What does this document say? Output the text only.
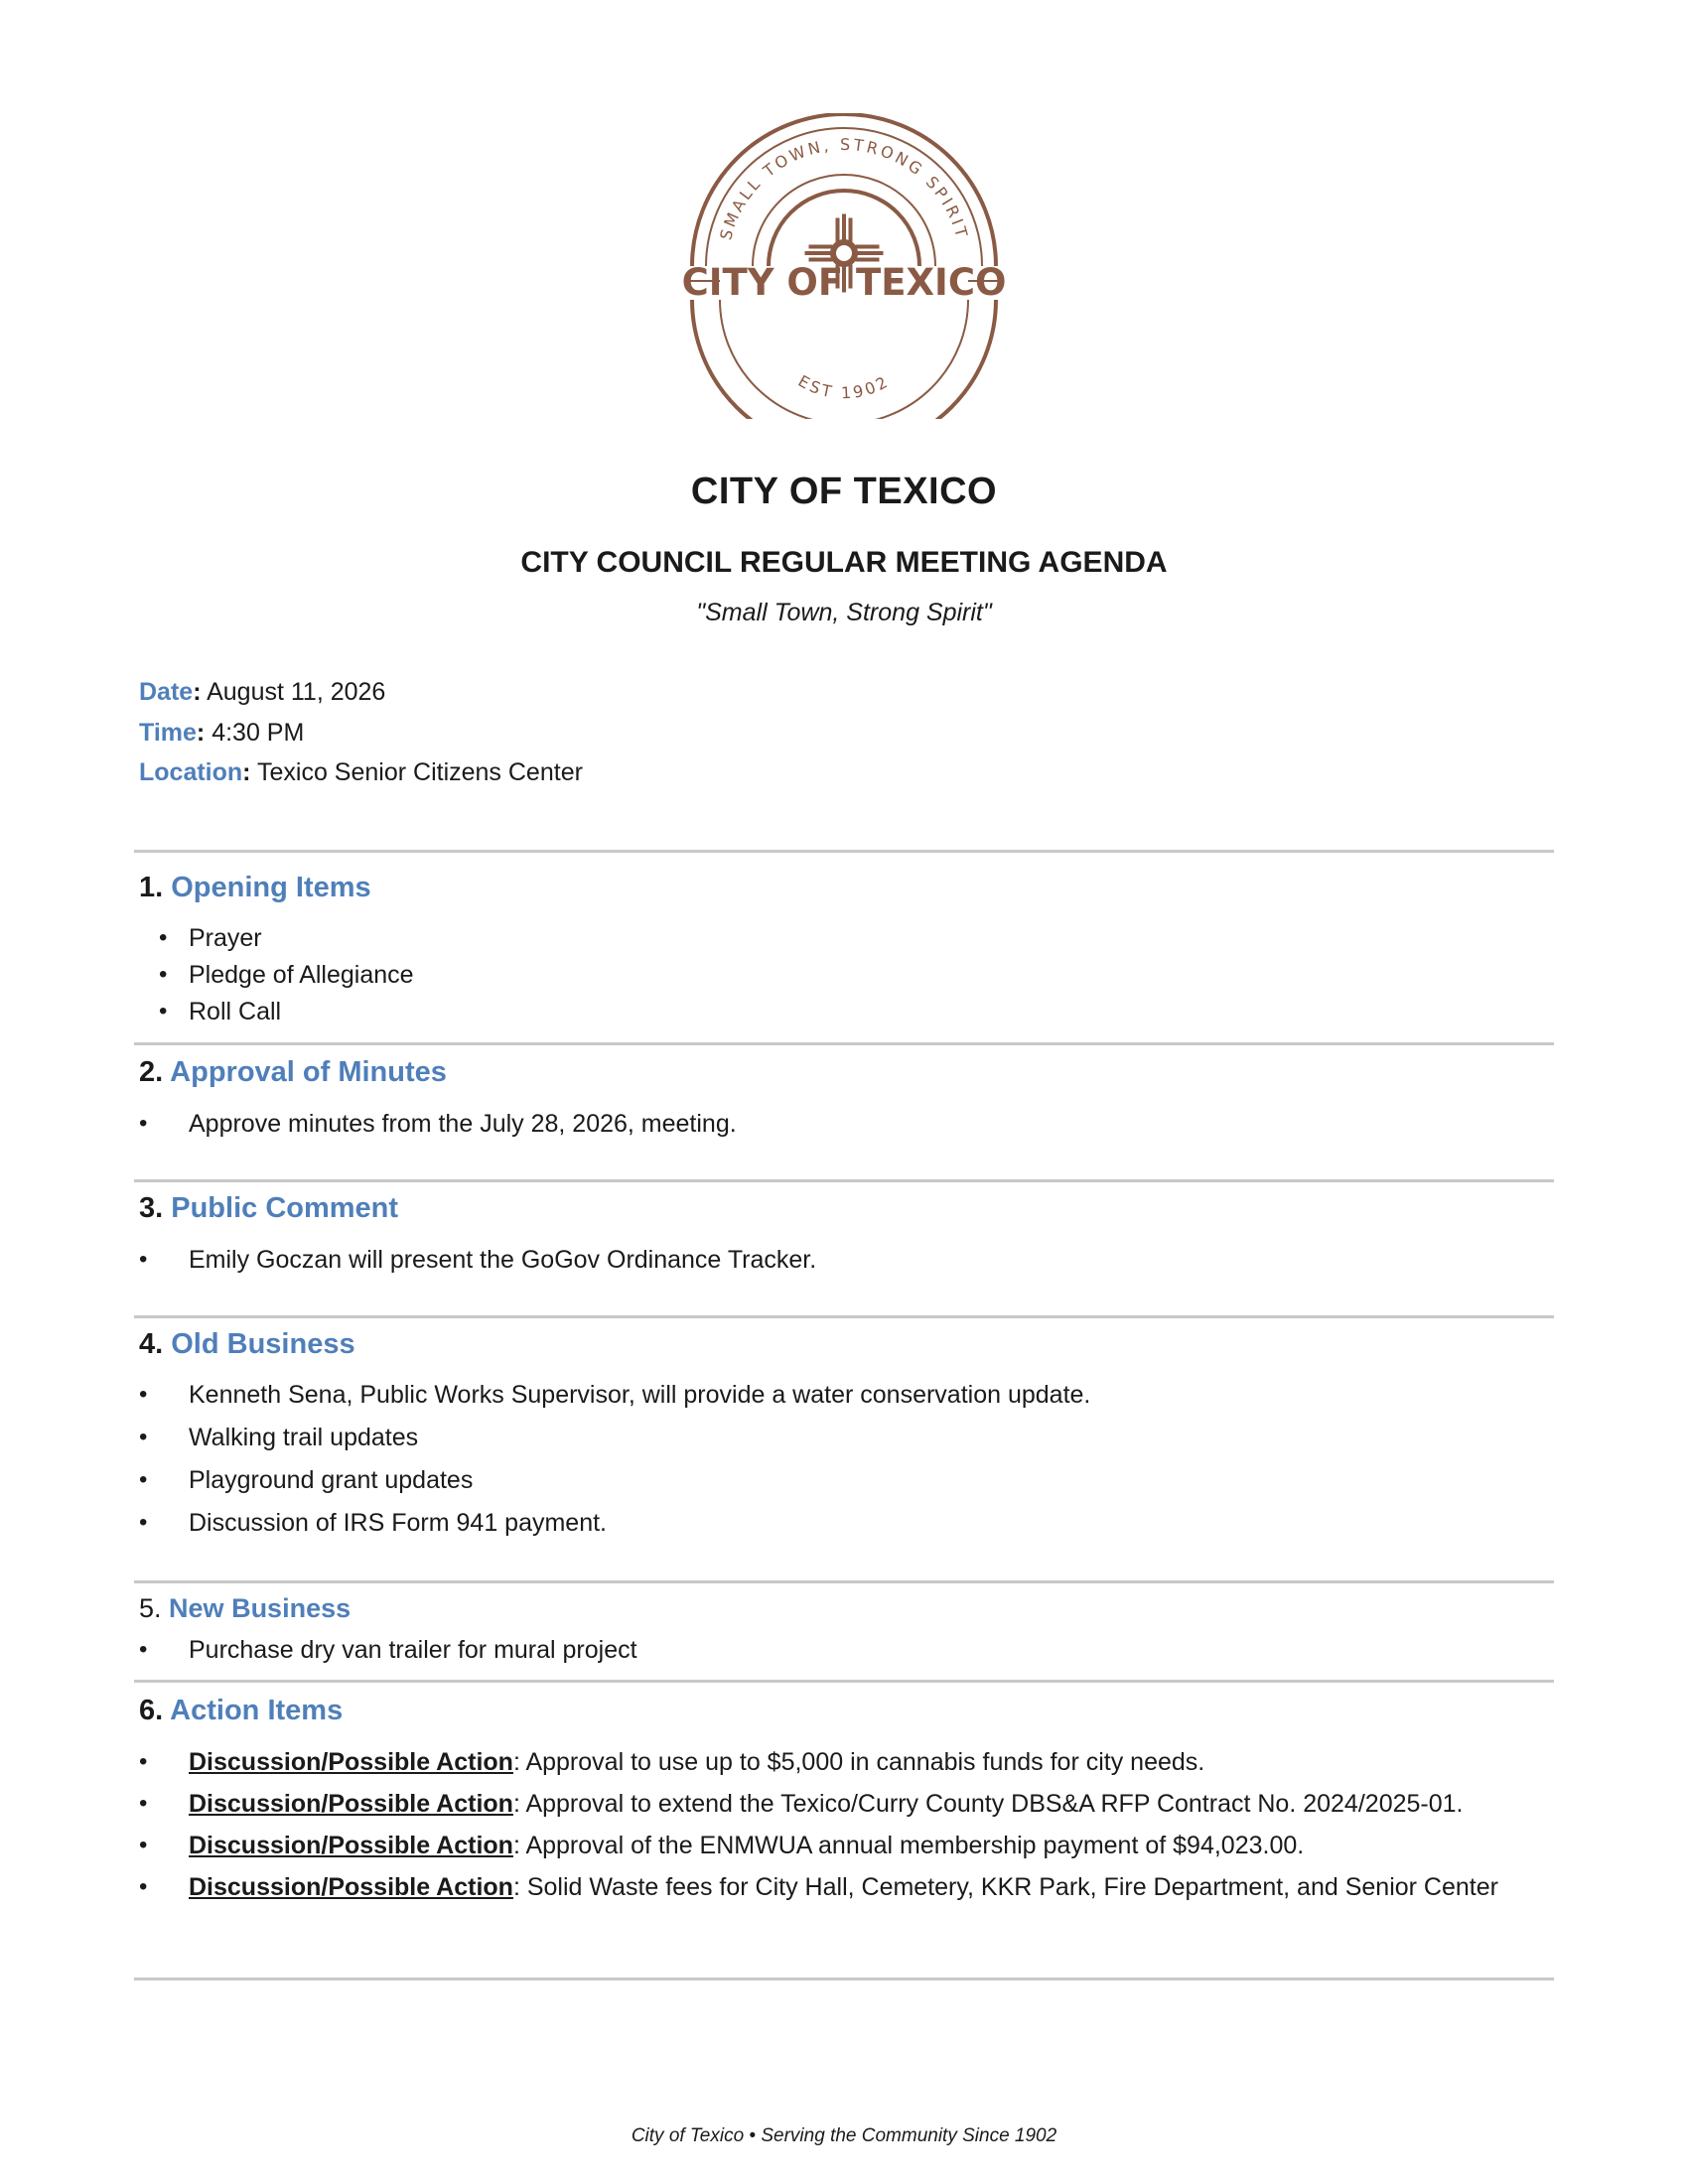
SMALL TOWN, STRONG SPIRIT
CITY OF TEXICO
EST 1902
CITY OF TEXICO
CITY COUNCIL REGULAR MEETING AGENDA
"Small Town, Strong Spirit"
Date: August 11, 2026
Time: 4:30 PM
Location: Texico Senior Citizens Center
1. Opening Items
• Prayer
• Pledge of Allegiance
• Roll Call
2. Approval of Minutes
• Approve minutes from the July 28, 2026, meeting.
3. Public Comment
• Emily Goczan will present the GoGov Ordinance Tracker.
4. Old Business
• Kenneth Sena, Public Works Supervisor, will provide a water conservation update.
• Walking trail updates
• Playground grant updates
• Discussion of IRS Form 941 payment.
5. New Business
• Purchase dry van trailer for mural project
6. Action Items
• Discussion/Possible Action: Approval to use up to $5,000 in cannabis funds for city needs.
• Discussion/Possible Action: Approval to extend the Texico/Curry County DBS&A RFP Contract No. 2024/2025-01.
• Discussion/Possible Action: Approval of the ENMWUA annual membership payment of $94,023.00.
• Discussion/Possible Action: Solid Waste fees for City Hall, Cemetery, KKR Park, Fire Department, and Senior Center
City of Texico • Serving the Community Since 1902
